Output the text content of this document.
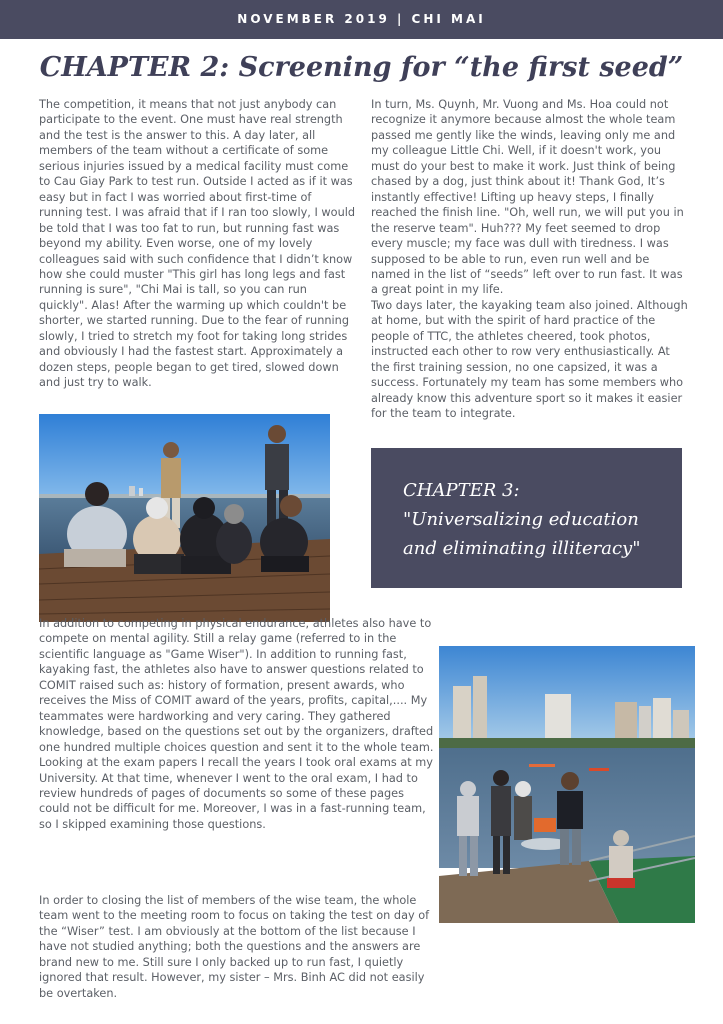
NOVEMBER 2019 | CHI MAI
CHAPTER 2: Screening for “the first seed”

The competition, it means that not just anybody can participate to the event. One must have real strength and the test is the answer to this. A day later, all members of the team without a certificate of some serious injuries issued by a medical facility must come to Cau Giay Park to test run. Outside I acted as if it was easy but in fact I was worried about first-time of running test. I was afraid that if I ran too slowly, I would be told that I was too fat to run, but running fast was beyond my ability. Even worse, one of my lovely colleagues said with such confidence that I didn’t know how she could muster "This girl has long legs and fast running is sure", "Chi Mai is tall, so you can run quickly". Alas! After the warming up which couldn't be shorter, we started running. Due to the fear of running slowly, I tried to stretch my foot for taking long strides and obviously I had the fastest start. Approximately a dozen steps, people began to get tired, slowed down and just try to walk.

In turn, Ms. Quynh, Mr. Vuong and Ms. Hoa could not recognize it anymore because almost the whole team passed me gently like the winds, leaving only me and my colleague Little Chi. Well, if it doesn't work, you must do your best to make it work. Just think of being chased by a dog, just think about it! Thank God, It’s instantly effective! Lifting up heavy steps, I finally reached the finish line. "Oh, well run, we will put you in the reserve team". Huh??? My feet seemed to drop every muscle; my face was dull with tiredness. I was supposed to be able to run, even run well and be named in the list of “seeds” left over to run fast. It was a great point in my life.
Two days later, the kayaking team also joined. Although at home, but with the spirit of hard practice of the people of TTC, the athletes cheered, took photos, instructed each other to row very enthusiastically. At the first training session, no one capsized, it was a success. Fortunately my team has some members who already know this adventure sport so it makes it easier for the team to integrate.

CHAPTER 3:
"Universalizing education and eliminating illiteracy"

In addition to competing in physical endurance, athletes also have to compete on mental agility. Still a relay game (referred to in the scientific language as "Game Wiser"). In addition to running fast, kayaking fast, the athletes also have to answer questions related to COMIT raised such as: history of formation, present awards, who receives the Miss of COMIT award of the years, profits, capital,.... My teammates were hardworking and very caring. They gathered knowledge, based on the questions set out by the organizers, drafted one hundred multiple choices question and sent it to the whole team. Looking at the exam papers I recall the years I took oral exams at my University. At that time, whenever I went to the oral exam, I had to review hundreds of pages of documents so some of these pages could not be difficult for me. Moreover, I was in a fast-running team, so I skipped examining those questions.

In order to closing the list of members of the wise team, the whole team went to the meeting room to focus on taking the test on day of the “Wiser” test. I am obviously at the bottom of the list because I have not studied anything; both the questions and the answers are brand new to me. Still sure I only backed up to run fast, I quietly ignored that result. However, my sister – Mrs. Binh AC did not easily be overtaken.
